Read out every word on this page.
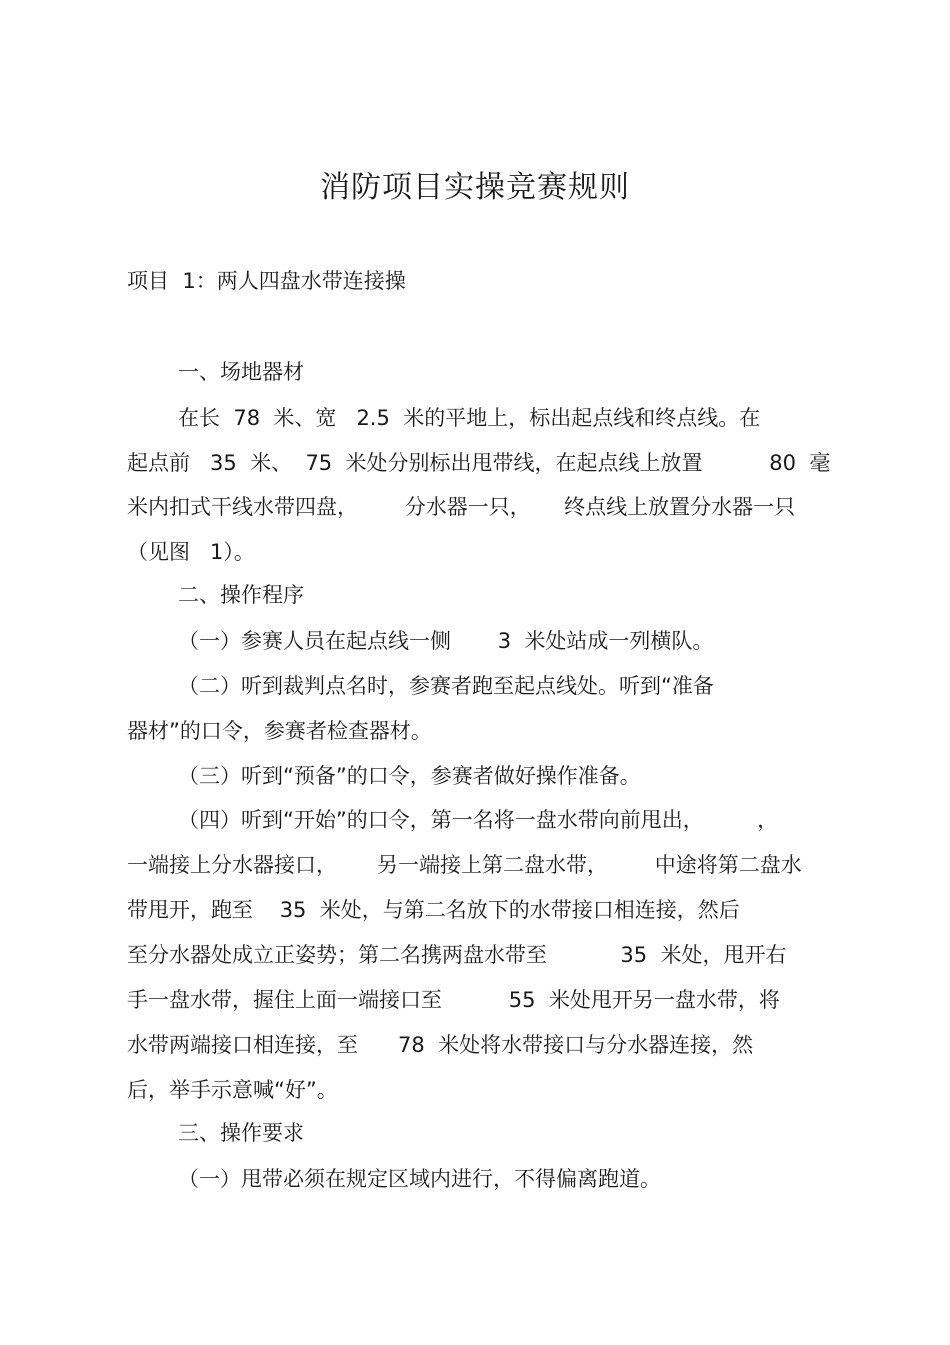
消防项目实操竞赛规则

项目  1：两人四盘水带连接操

一、场地器材

在长  78  米、宽   2.5  米的平地上，标出起点线和终点线。在

起点前   35  米、  75  米处分别标出甩带线，在起点线上放置          80  毫

米内扣式干线水带四盘，       分水器一只，     终点线上放置分水器一只

（见图   1）。

二、操作程序

（一）参赛人员在起点线一侧       3  米处站成一列横队。

（二）听到裁判点名时，参赛者跑至起点线处。听到“准备

器材”的口令，参赛者检查器材。

（三）听到“预备”的口令，参赛者做好操作准备。

（四）听到“开始”的口令，第一名将一盘水带向前甩出，        ，

一端接上分水器接口，      另一端接上第二盘水带，       中途将第二盘水

带甩开，跑至    35  米处，与第二名放下的水带接口相连接，然后

至分水器处成立正姿势；第二名携两盘水带至           35  米处，甩开右

手一盘水带，握住上面一端接口至          55  米处甩开另一盘水带，将

水带两端接口相连接，至      78  米处将水带接口与分水器连接，然

后，举手示意喊“好”。

三、操作要求

（一）甩带必须在规定区域内进行，不得偏离跑道。
